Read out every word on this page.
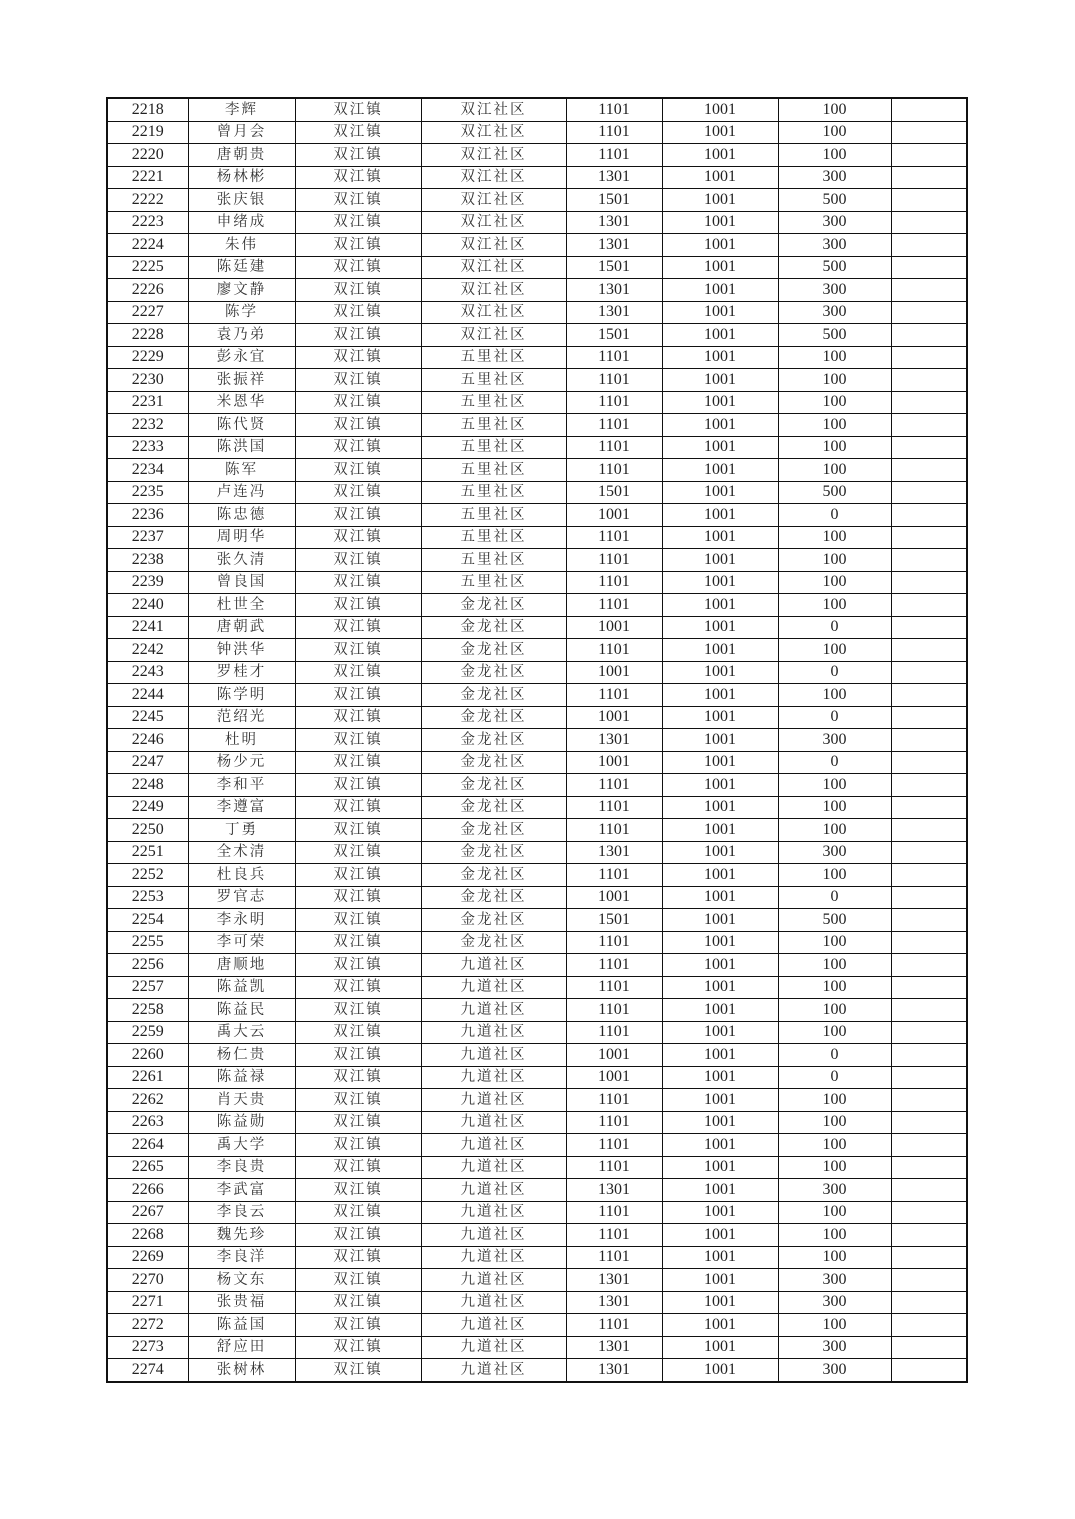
2218	李辉	双江镇	双江社区	1101	1001	100	
2219	曾月会	双江镇	双江社区	1101	1001	100	
2220	唐朝贵	双江镇	双江社区	1101	1001	100	
2221	杨林彬	双江镇	双江社区	1301	1001	300	
2222	张庆银	双江镇	双江社区	1501	1001	500	
2223	申绪成	双江镇	双江社区	1301	1001	300	
2224	朱伟	双江镇	双江社区	1301	1001	300	
2225	陈廷建	双江镇	双江社区	1501	1001	500	
2226	廖文静	双江镇	双江社区	1301	1001	300	
2227	陈学	双江镇	双江社区	1301	1001	300	
2228	袁乃弟	双江镇	双江社区	1501	1001	500	
2229	彭永宜	双江镇	五里社区	1101	1001	100	
2230	张振祥	双江镇	五里社区	1101	1001	100	
2231	米恩华	双江镇	五里社区	1101	1001	100	
2232	陈代贤	双江镇	五里社区	1101	1001	100	
2233	陈洪国	双江镇	五里社区	1101	1001	100	
2234	陈军	双江镇	五里社区	1101	1001	100	
2235	卢连冯	双江镇	五里社区	1501	1001	500	
2236	陈忠德	双江镇	五里社区	1001	1001	0	
2237	周明华	双江镇	五里社区	1101	1001	100	
2238	张久清	双江镇	五里社区	1101	1001	100	
2239	曾良国	双江镇	五里社区	1101	1001	100	
2240	杜世全	双江镇	金龙社区	1101	1001	100	
2241	唐朝武	双江镇	金龙社区	1001	1001	0	
2242	钟洪华	双江镇	金龙社区	1101	1001	100	
2243	罗桂才	双江镇	金龙社区	1001	1001	0	
2244	陈学明	双江镇	金龙社区	1101	1001	100	
2245	范绍光	双江镇	金龙社区	1001	1001	0	
2246	杜明	双江镇	金龙社区	1301	1001	300	
2247	杨少元	双江镇	金龙社区	1001	1001	0	
2248	李和平	双江镇	金龙社区	1101	1001	100	
2249	李遵富	双江镇	金龙社区	1101	1001	100	
2250	丁勇	双江镇	金龙社区	1101	1001	100	
2251	全术清	双江镇	金龙社区	1301	1001	300	
2252	杜良兵	双江镇	金龙社区	1101	1001	100	
2253	罗官志	双江镇	金龙社区	1001	1001	0	
2254	李永明	双江镇	金龙社区	1501	1001	500	
2255	李可荣	双江镇	金龙社区	1101	1001	100	
2256	唐顺地	双江镇	九道社区	1101	1001	100	
2257	陈益凯	双江镇	九道社区	1101	1001	100	
2258	陈益民	双江镇	九道社区	1101	1001	100	
2259	禹大云	双江镇	九道社区	1101	1001	100	
2260	杨仁贵	双江镇	九道社区	1001	1001	0	
2261	陈益禄	双江镇	九道社区	1001	1001	0	
2262	肖天贵	双江镇	九道社区	1101	1001	100	
2263	陈益勋	双江镇	九道社区	1101	1001	100	
2264	禹大学	双江镇	九道社区	1101	1001	100	
2265	李良贵	双江镇	九道社区	1101	1001	100	
2266	李武富	双江镇	九道社区	1301	1001	300	
2267	李良云	双江镇	九道社区	1101	1001	100	
2268	魏先珍	双江镇	九道社区	1101	1001	100	
2269	李良洋	双江镇	九道社区	1101	1001	100	
2270	杨文东	双江镇	九道社区	1301	1001	300	
2271	张贵福	双江镇	九道社区	1301	1001	300	
2272	陈益国	双江镇	九道社区	1101	1001	100	
2273	舒应田	双江镇	九道社区	1301	1001	300	
2274	张树林	双江镇	九道社区	1301	1001	300	
